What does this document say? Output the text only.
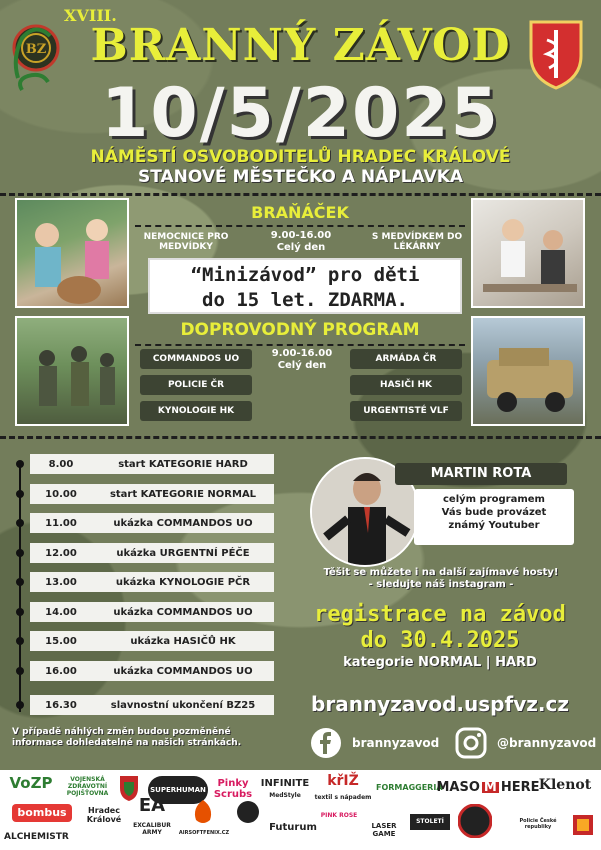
BZ
XVIII.
BRANNÝ ZÁVOD
10/5/2025
NÁMĚSTÍ OSVOBODITELŮ HRADEC KRÁLOVÉ
STANOVÉ MĚSTEČKO A NÁPLAVKA
BRAŇÁČEK
NEMOCNICE PRO MEDVÍDKY
9.00-16.00
Celý den
S MEDVÍDKEM DO LÉKÁRNY
“Minizávod” pro děti
do 15 let. ZDARMA.
DOPROVODNÝ PROGRAM
COMMANDOS UO
POLICIE ČR
KYNOLOGIE HK
9.00-16.00
Celý den
ARMÁDA ČR
HASIČI HK
URGENTISTÉ VLF
8.00	start KATEGORIE HARD
10.00	start KATEGORIE NORMAL
11.00	ukázka COMMANDOS UO
12.00	ukázka URGENTNÍ PÉČE
13.00	ukázka KYNOLOGIE PČR
14.00	ukázka COMMANDOS UO
15.00	ukázka HASIČŮ HK
16.00	ukázka COMMANDOS UO
16.30	slavnostní ukončení BZ25
MARTIN ROTA
celým programem
Vás bude provázet
známý Youtuber
Těšit se můžete i na další zajímavé hosty!
- sledujte náš instagram -
registrace na závod
do 30.4.2025
kategorie NORMAL | HARD
brannyzavod.uspfvz.cz
V případě náhlých změn budou pozměněné
informace dohledatelné na našich stránkách.	brannyzavod	@brannyzavod
VoZP	VOJENSKÁ ZDRAVOTNÍ POJIŠŤOVNA	SUPERHUMAN
Pinky Scrubs
INFINITE
MedStyle
křIŽ
textil s nápadem
FORMAGGERIA
MASO M HERE Klenot
bombus	Hradec Králové
EA
EXCALIBUR ARMY	AIRSOFTFENIX.CZ	Futurum
PINK ROSE
LASER GAME
STOLETÍ	Policie České republiky
ALCHEMISTR
